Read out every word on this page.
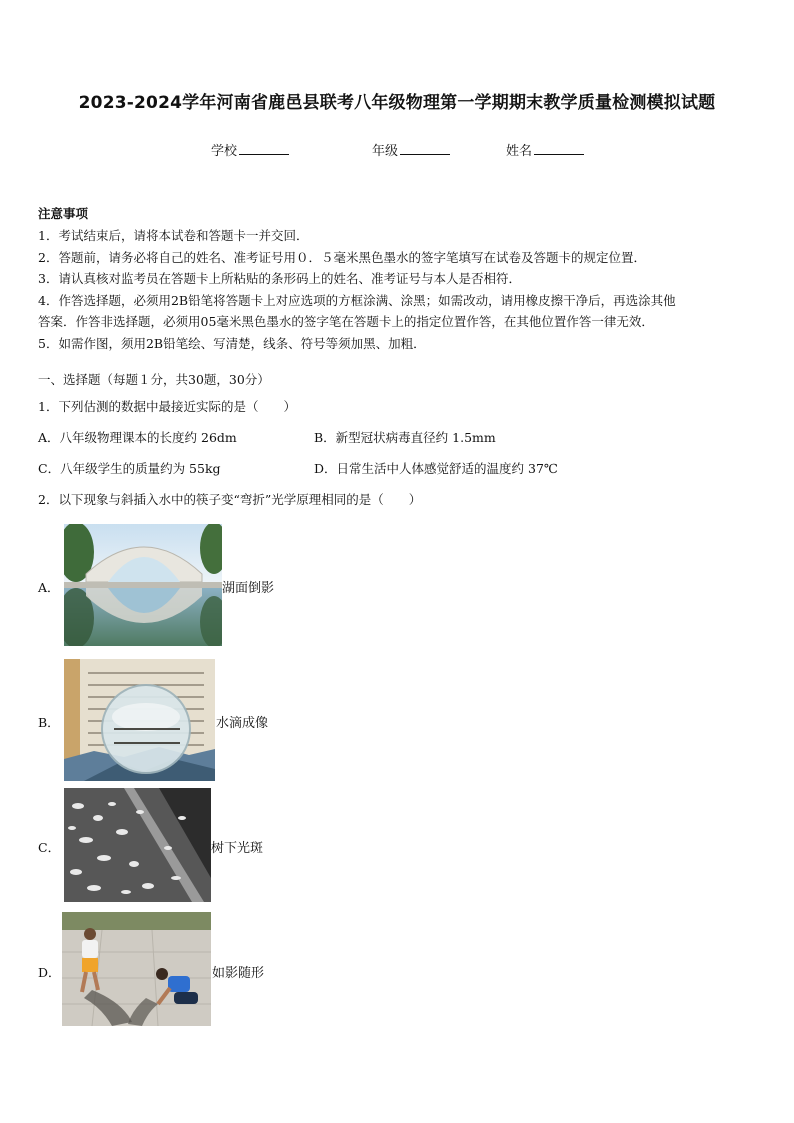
2023-2024学年河南省鹿邑县联考八年级物理第一学期期末教学质量检测模拟试题
学校	年级	姓名
注意事项
1．考试结束后，请将本试卷和答题卡一并交回．
2．答题前，请务必将自己的姓名、准考证号用０．５毫米黑色墨水的签字笔填写在试卷及答题卡的规定位置．
3．请认真核对监考员在答题卡上所粘贴的条形码上的姓名、准考证号与本人是否相符．
4．作答选择题，必须用2B铅笔将答题卡上对应选项的方框涂满、涂黑；如需改动，请用橡皮擦干净后，再选涂其他
答案．作答非选择题，必须用05毫米黑色墨水的签字笔在答题卡上的指定位置作答，在其他位置作答一律无效．
5．如需作图，须用2B铅笔绘、写清楚，线条、符号等须加黑、加粗．
一、选择题（每题１分，共30题，30分）
1．下列估测的数据中最接近实际的是（　　）
A．八年级物理课本的长度约 26dm	B．新型冠状病毒直径约 1.5mm
C．八年级学生的质量约为 55kg	D．日常生活中人体感觉舒适的温度约 37℃
2．以下现象与斜插入水中的筷子变“弯折”光学原理相同的是（　　）
A．	湖面倒影
B．	水滴成像
C．	树下光斑
D．	如影随形
